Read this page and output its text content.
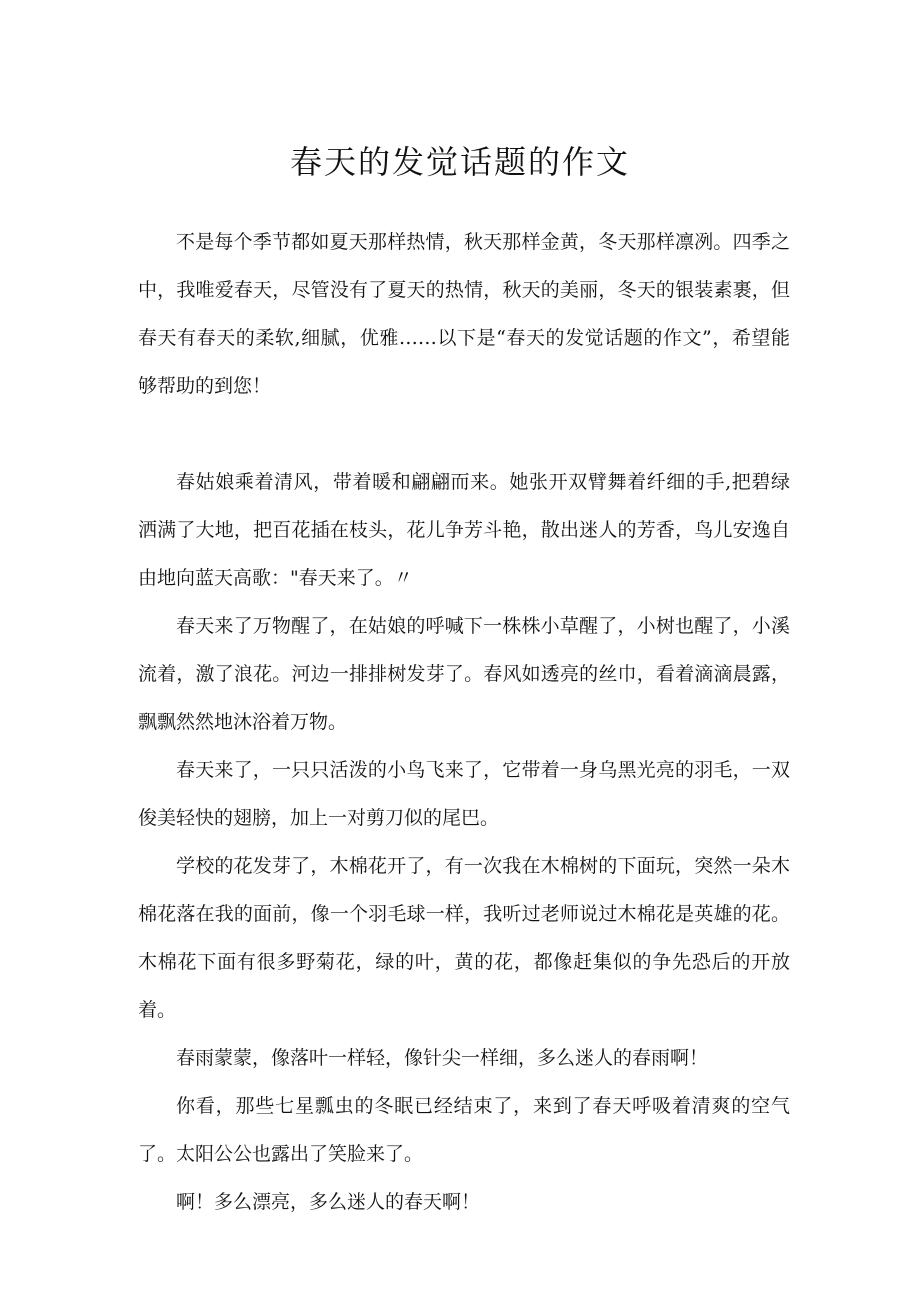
春天的发觉话题的作文

不是每个季节都如夏天那样热情，秋天那样金黄，冬天那样凛冽。四季之中，我唯爱春天，尽管没有了夏天的热情，秋天的美丽，冬天的银装素裹，但春天有春天的柔软,细腻，优雅……以下是“春天的发觉话题的作文”，希望能够帮助的到您！

春姑娘乘着清风，带着暖和翩翩而来。她张开双臂舞着纤细的手,把碧绿洒满了大地，把百花插在枝头，花儿争芳斗艳，散出迷人的芳香，鸟儿安逸自由地向蓝天高歌："春天来了。〃

春天来了万物醒了，在姑娘的呼喊下一株株小草醒了，小树也醒了，小溪流着，激了浪花。河边一排排树发芽了。春风如透亮的丝巾，看着滴滴晨露，飘飘然然地沐浴着万物。

春天来了，一只只活泼的小鸟飞来了，它带着一身乌黑光亮的羽毛，一双俊美轻快的翅膀，加上一对剪刀似的尾巴。

学校的花发芽了，木棉花开了，有一次我在木棉树的下面玩，突然一朵木棉花落在我的面前，像一个羽毛球一样，我听过老师说过木棉花是英雄的花。木棉花下面有很多野菊花，绿的叶，黄的花，都像赶集似的争先恐后的开放着。

春雨蒙蒙，像落叶一样轻，像针尖一样细，多么迷人的春雨啊！

你看，那些七星瓢虫的冬眠已经结束了，来到了春天呼吸着清爽的空气了。太阳公公也露出了笑脸来了。

啊！多么漂亮，多么迷人的春天啊！
